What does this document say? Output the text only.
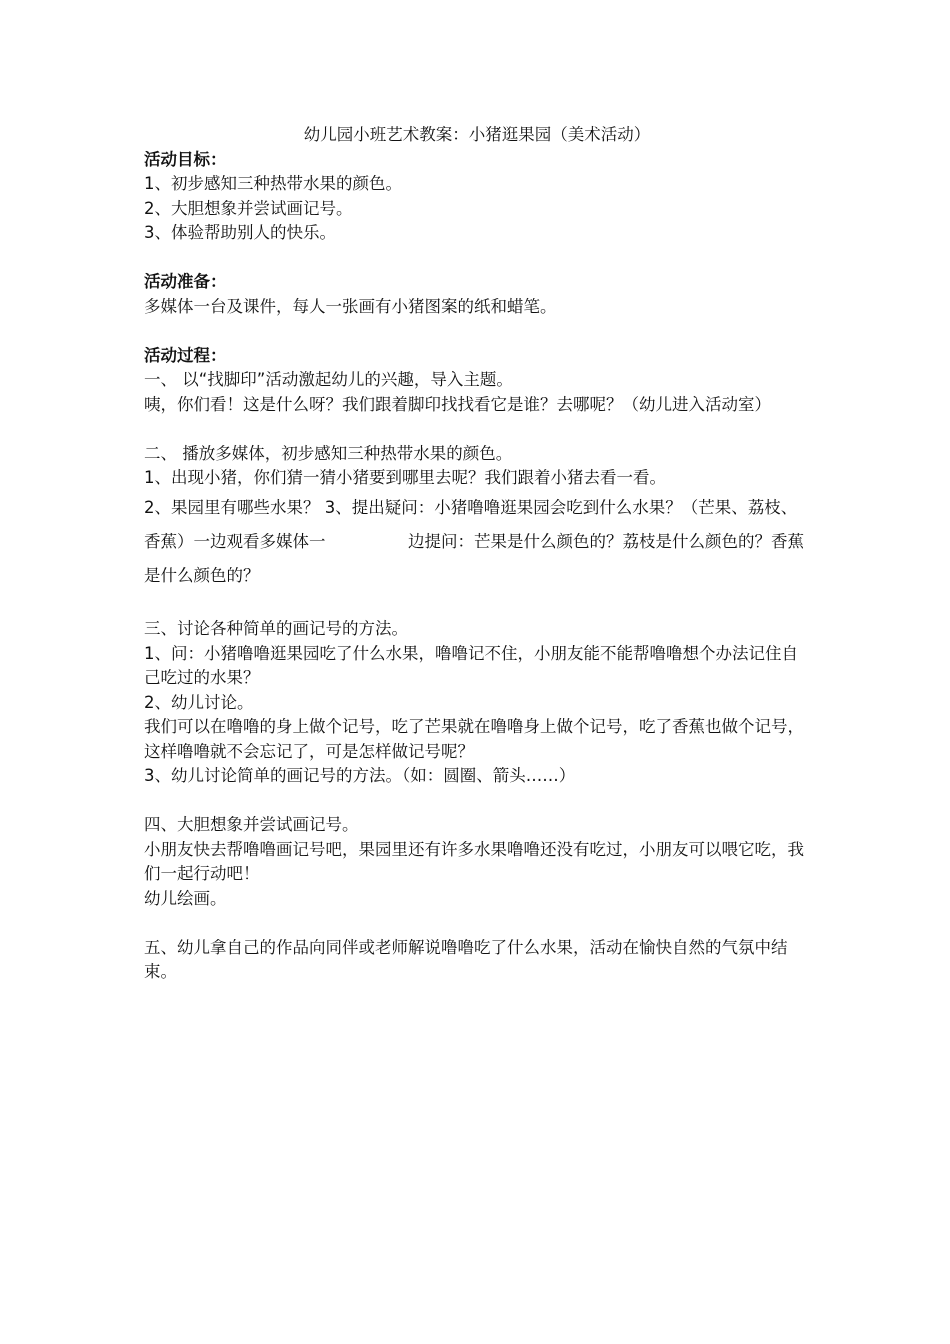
幼儿园小班艺术教案：小猪逛果园（美术活动）

活动目标：

1、初步感知三种热带水果的颜色。

2、大胆想象并尝试画记号。

3、体验帮助别人的快乐。

活动准备：

多媒体一台及课件，每人一张画有小猪图案的纸和蜡笔。

活动过程：

一、 以“找脚印”活动激起幼儿的兴趣，导入主题。

咦，你们看！这是什么呀？我们跟着脚印找找看它是谁？去哪呢？（幼儿进入活动室）

二、 播放多媒体，初步感知三种热带水果的颜色。

1、出现小猪，你们猜一猜小猪要到哪里去呢？我们跟着小猪去看一看。

2、果园里有哪些水果？ 3、提出疑问：小猪噜噜逛果园会吃到什么水果？（芒果、荔枝、香蕉）一边观看多媒体一　　　　　边提问：芒果是什么颜色的？荔枝是什么颜色的？香蕉是什么颜色的？

三、讨论各种简单的画记号的方法。

1、问：小猪噜噜逛果园吃了什么水果，噜噜记不住，小朋友能不能帮噜噜想个办法记住自己吃过的水果？

2、幼儿讨论。

我们可以在噜噜的身上做个记号，吃了芒果就在噜噜身上做个记号，吃了香蕉也做个记号，这样噜噜就不会忘记了，可是怎样做记号呢？

3、幼儿讨论简单的画记号的方法。（如：圆圈、箭头……）

四、大胆想象并尝试画记号。

小朋友快去帮噜噜画记号吧，果园里还有许多水果噜噜还没有吃过，小朋友可以喂它吃，我们一起行动吧！

幼儿绘画。

五、幼儿拿自己的作品向同伴或老师解说噜噜吃了什么水果，活动在愉快自然的气氛中结束。
